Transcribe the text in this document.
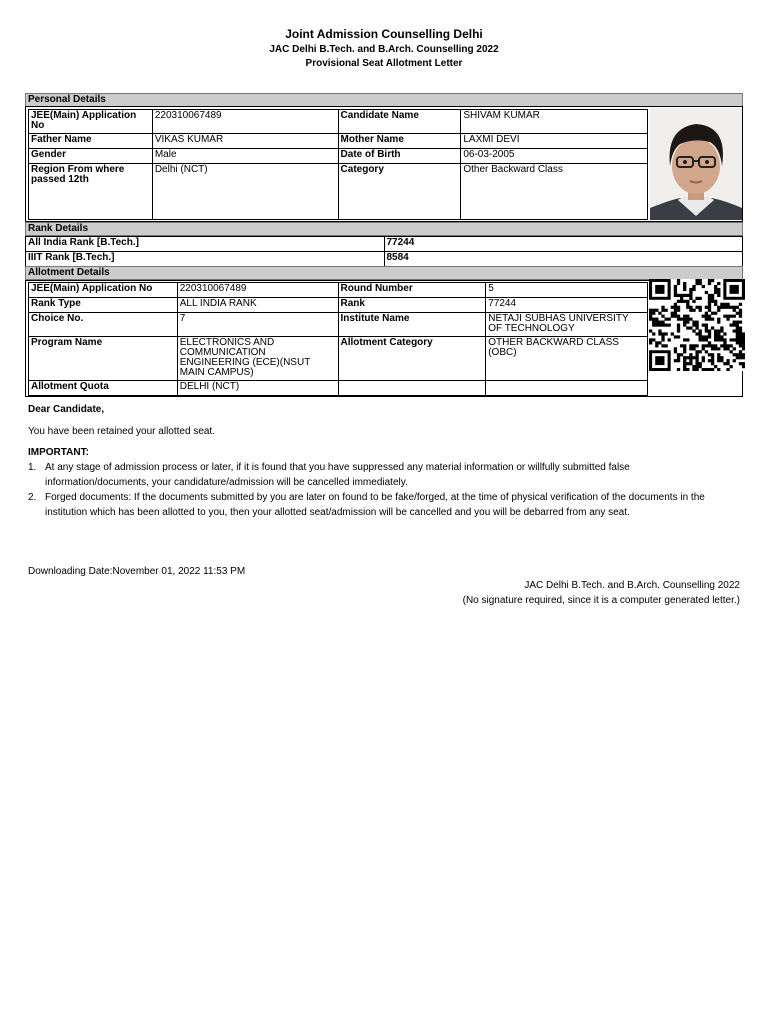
Joint Admission Counselling Delhi
JAC Delhi B.Tech. and B.Arch. Counselling 2022
Provisional Seat Allotment Letter
Personal Details
JEE(Main) Application No	220310067489	Candidate Name	SHIVAM KUMAR
Father Name	VIKAS KUMAR	Mother Name	LAXMI DEVI
Gender	Male	Date of Birth	06-03-2005
Region From where passed 12th	Delhi (NCT)	Category	Other Backward Class
Rank Details
All India Rank [B.Tech.]	77244
IIIT Rank [B.Tech.]	8584
Allotment Details
JEE(Main) Application No	220310067489	Round Number	5
Rank Type	ALL INDIA RANK	Rank	77244
Choice No.	7	Institute Name	NETAJI SUBHAS UNIVERSITY OF TECHNOLOGY
Program Name	ELECTRONICS AND COMMUNICATION ENGINEERING (ECE)(NSUT MAIN CAMPUS)	Allotment Category	OTHER BACKWARD CLASS (OBC)
Allotment Quota	DELHI (NCT)		
Dear Candidate,
You have been retained your allotted seat.
IMPORTANT:
1. At any stage of admission process or later, if it is found that you have suppressed any material information or willfully submitted false information/documents, your candidature/admission will be cancelled immediately.
2. Forged documents: If the documents submitted by you are later on found to be fake/forged, at the time of physical verification of the documents in the institution which has been allotted to you, then your allotted seat/admission will be cancelled and you will be debarred from any seat.
Downloading Date:November 01, 2022 11:53 PM
JAC Delhi B.Tech. and B.Arch. Counselling 2022
(No signature required, since it is a computer generated letter.)
